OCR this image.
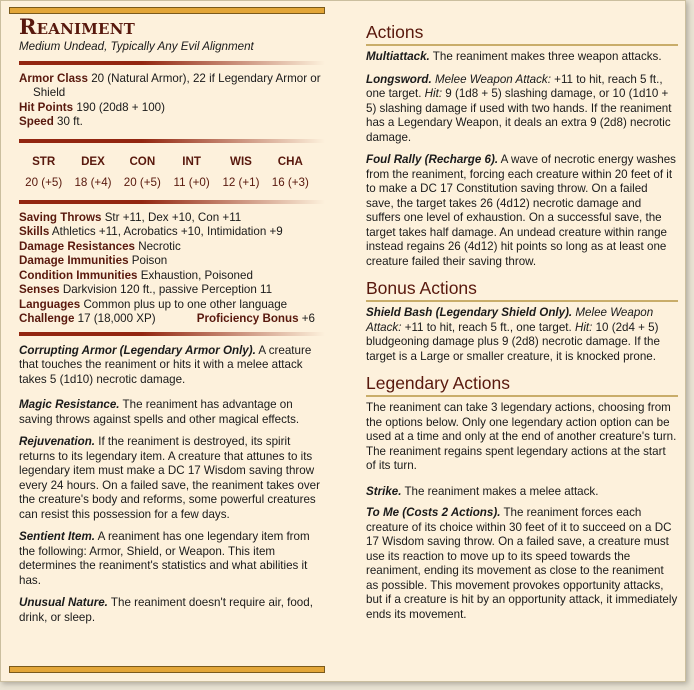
Reaniment
Medium Undead, Typically Any Evil Alignment
Armor Class 20 (Natural Armor), 22 if Legendary Armor or Shield
Hit Points 190 (20d8 + 100)
Speed 30 ft.
STR
20 (+5)
DEX
18 (+4)
CON
20 (+5)
INT
11 (+0)
WIS
12 (+1)
CHA
16 (+3)
Saving Throws Str +11, Dex +10, Con +11
Skills Athletics +11, Acrobatics +10, Intimidation +9
Damage Resistances Necrotic
Damage Immunities Poison
Condition Immunities Exhaustion, Poisoned
Senses Darkvision 120 ft., passive Perception 11
Languages Common plus up to one other language
Challenge 17 (18,000 XP)	Proficiency Bonus +6
Corrupting Armor (Legendary Armor Only). A creature that touches the reaniment or hits it with a melee attack takes 5 (1d10) necrotic damage.
Magic Resistance. The reaniment has advantage on saving throws against spells and other magical effects.
Rejuvenation. If the reaniment is destroyed, its spirit returns to its legendary item. A creature that attunes to its legendary item must make a DC 17 Wisdom saving throw every 24 hours. On a failed save, the reaniment takes over the creature's body and reforms, some powerful creatures can resist this possession for a few days.
Sentient Item. A reaniment has one legendary item from the following: Armor, Shield, or Weapon. This item determines the reaniment's statistics and what abilities it has.
Unusual Nature. The reaniment doesn't require air, food, drink, or sleep.
Actions
Multiattack. The reaniment makes three weapon attacks.
Longsword. Melee Weapon Attack: +11 to hit, reach 5 ft., one target. Hit: 9 (1d8 + 5) slashing damage, or 10 (1d10 + 5) slashing damage if used with two hands. If the reaniment has a Legendary Weapon, it deals an extra 9 (2d8) necrotic damage.
Foul Rally (Recharge 6). A wave of necrotic energy washes from the reaniment, forcing each creature within 20 feet of it to make a DC 17 Constitution saving throw. On a failed save, the target takes 26 (4d12) necrotic damage and suffers one level of exhaustion. On a successful save, the target takes half damage. An undead creature within range instead regains 26 (4d12) hit points so long as at least one creature failed their saving throw.
Bonus Actions
Shield Bash (Legendary Shield Only). Melee Weapon Attack: +11 to hit, reach 5 ft., one target. Hit: 10 (2d4 + 5) bludgeoning damage plus 9 (2d8) necrotic damage. If the target is a Large or smaller creature, it is knocked prone.
Legendary Actions
The reaniment can take 3 legendary actions, choosing from the options below. Only one legendary action option can be used at a time and only at the end of another creature's turn. The reaniment regains spent legendary actions at the start of its turn.
Strike. The reaniment makes a melee attack.
To Me (Costs 2 Actions). The reaniment forces each creature of its choice within 30 feet of it to succeed on a DC 17 Wisdom saving throw. On a failed save, a creature must use its reaction to move up to its speed towards the reaniment, ending its movement as close to the reaniment as possible. This movement provokes opportunity attacks, but if a creature is hit by an opportunity attack, it immediately ends its movement.
